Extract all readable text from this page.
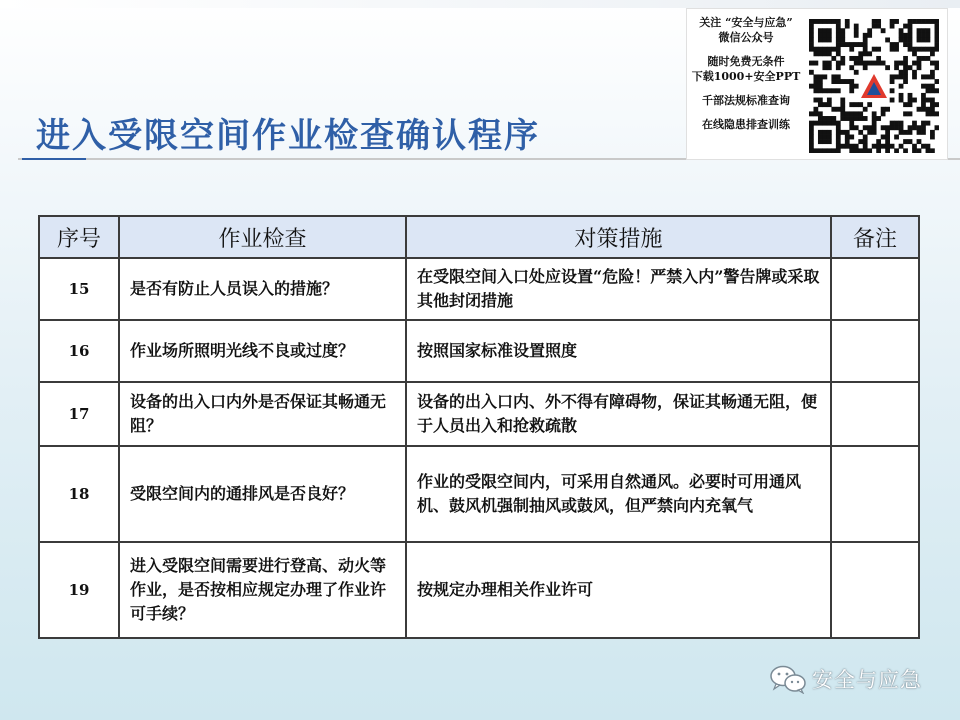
进入受限空间作业检查确认程序
关注 “安全与应急”
微信公众号
随时免费无条件
下载1000+安全PPT
千部法规标准查询
在线隐患排查训练
序号	作业检查	对策措施	备注
15	是否有防止人员误入的措施？	在受限空间入口处应设置“危险！严禁入内”警告牌或采取其他封闭措施	
16	作业场所照明光线不良或过度？	按照国家标准设置照度	
17	设备的出入口内外是否保证其畅通无阻？	设备的出入口内、外不得有障碍物，保证其畅通无阻，便于人员出入和抢救疏散	
18	受限空间内的通排风是否良好？	作业的受限空间内，可采用自然通风。必要时可用通风机、鼓风机强制抽风或鼓风，但严禁向内充氧气	
19	进入受限空间需要进行登高、动火等作业，是否按相应规定办理了作业许可手续？	按规定办理相关作业许可	
安全与应急
